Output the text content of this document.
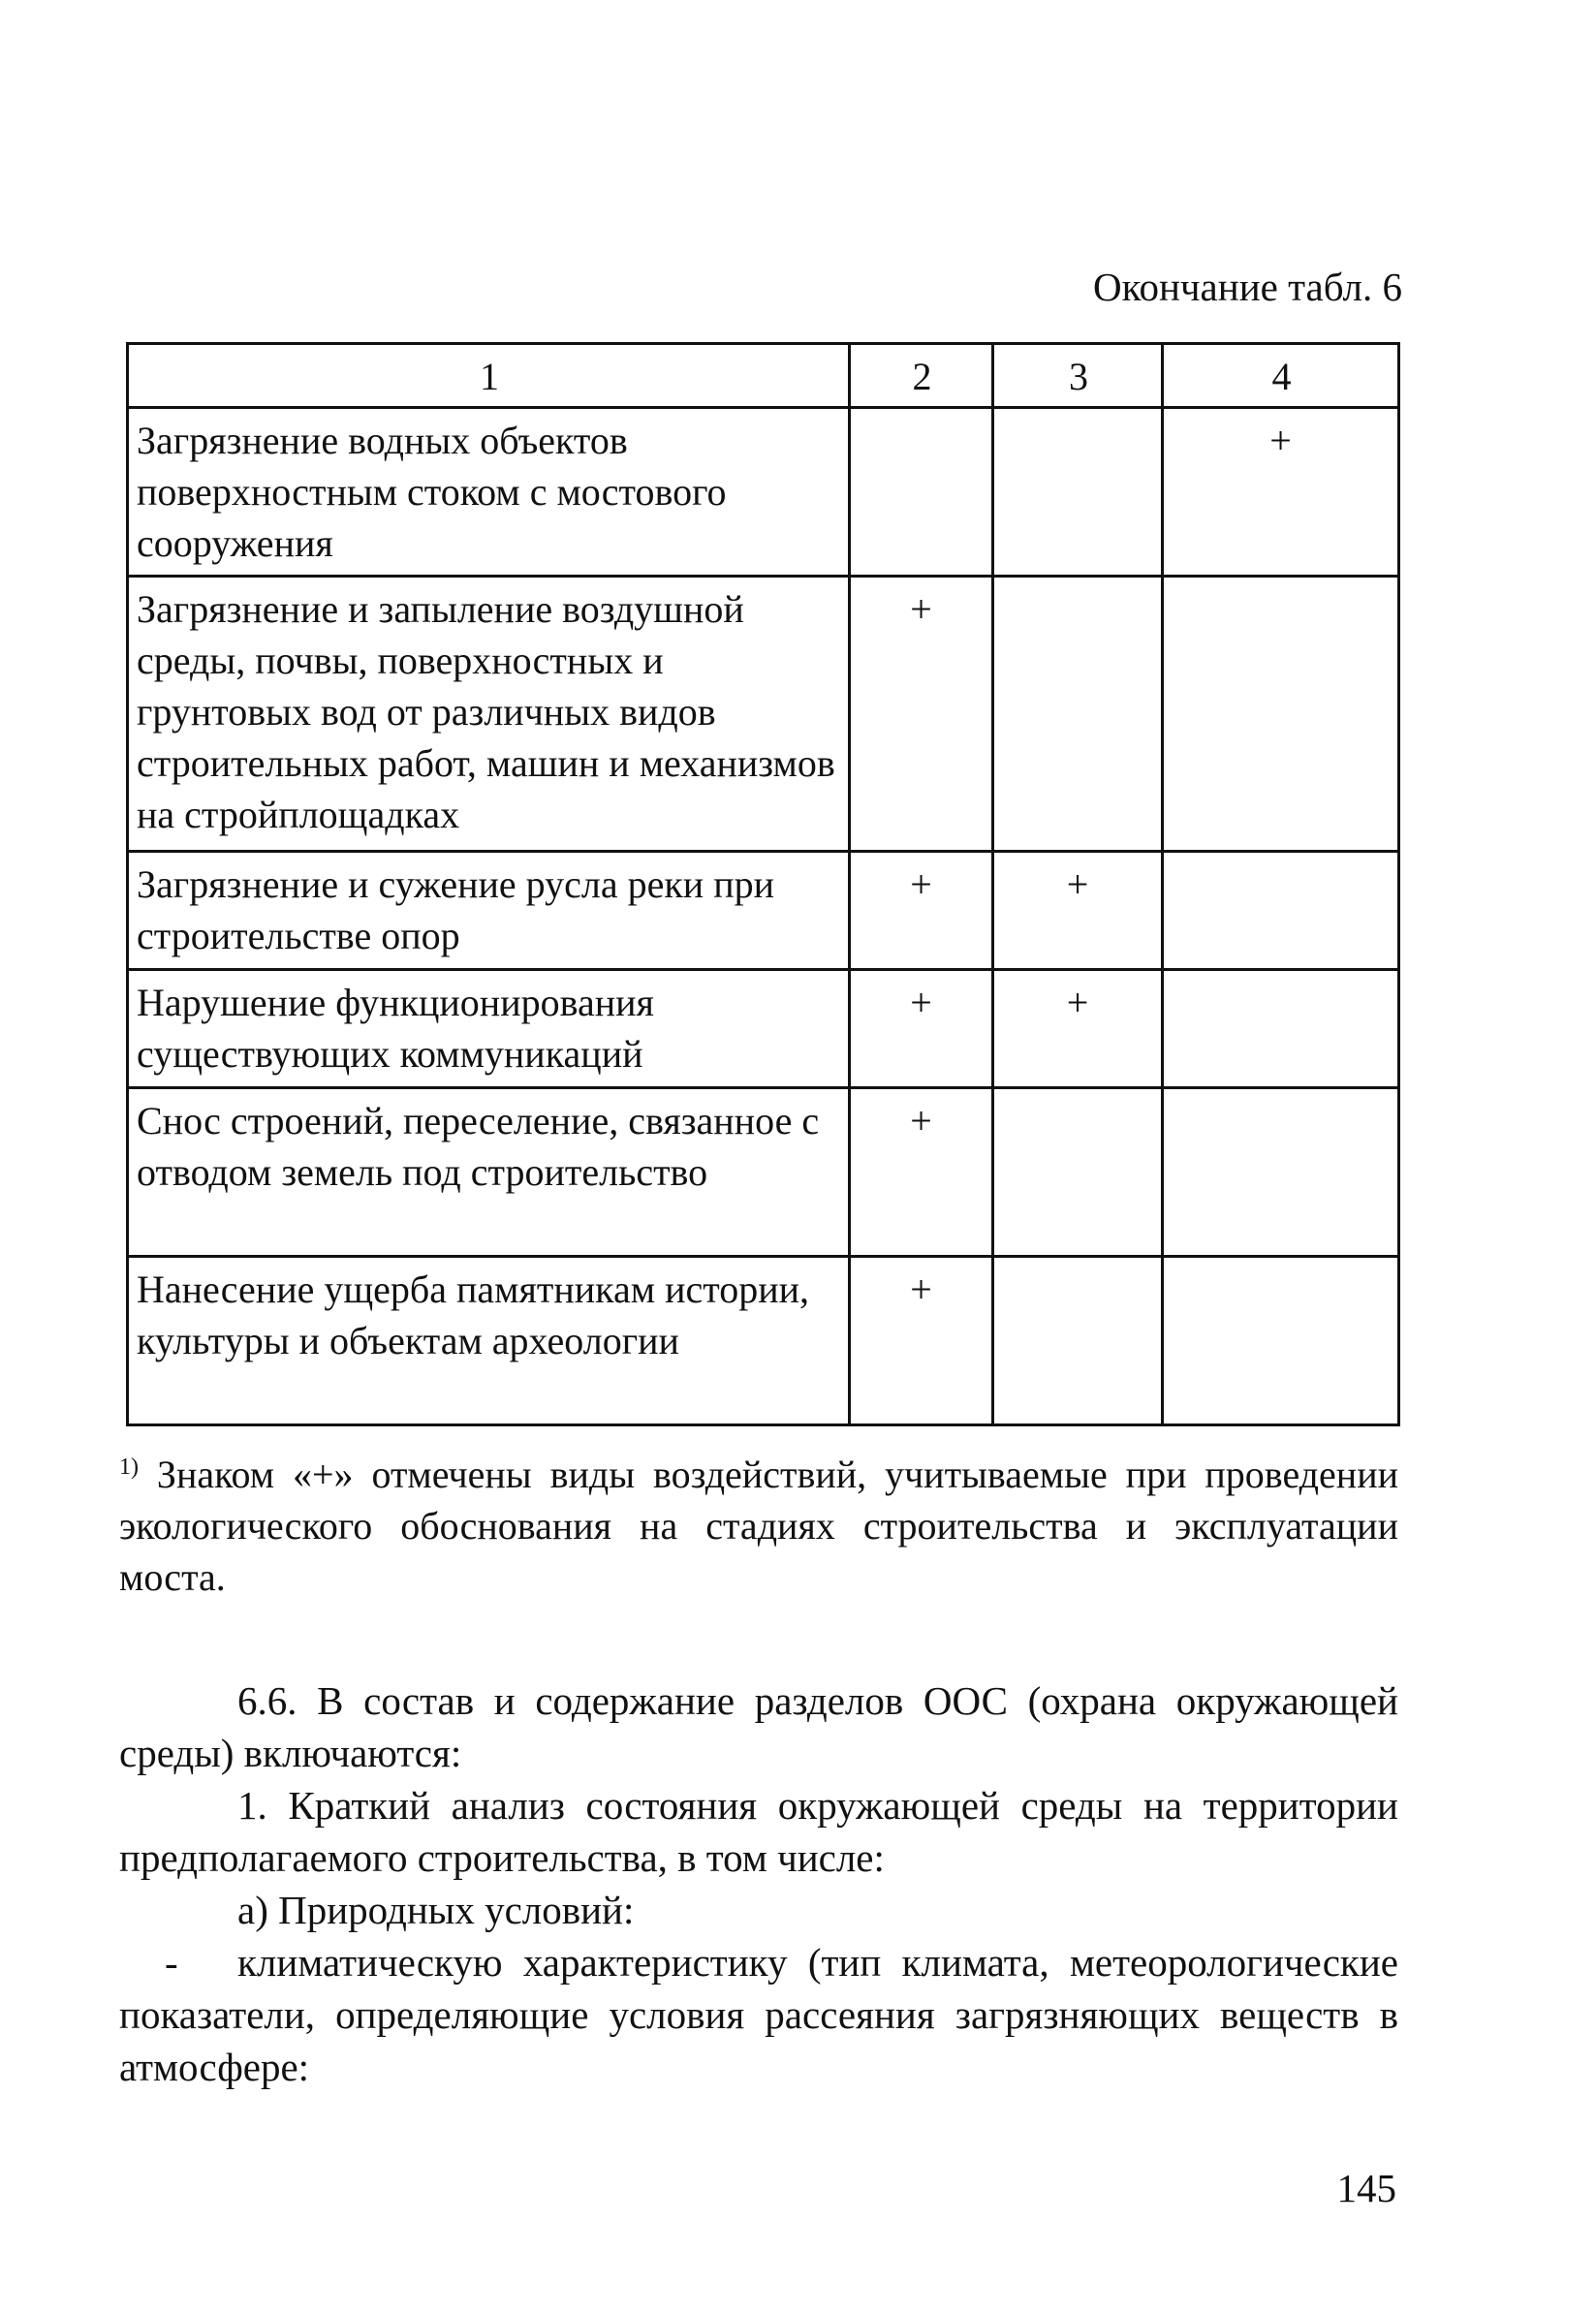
Окончание табл. 6
1	2	3	4
Загрязнение водных объектов поверхностным стоком с мостового сооружения			+
Загрязнение и запыление воздушной среды, почвы, поверхностных и грунтовых вод от различных видов строительных работ, машин и механизмов на стройплощадках	+		
Загрязнение и сужение русла реки при строительстве опор	+	+	
Нарушение функционирования существующих коммуникаций	+	+	
Снос строений, переселение, связанное с отводом земель под строительство	+		
Нанесение ущерба памятникам истории, культуры и объектам археологии	+		
$^{1)}$ Знаком «+» отмечены виды воздействий, учитываемые при проведении экологического обоснования на стадиях строительства и эксплуатации моста.

6.6. В состав и содержание разделов ООС (охрана окружающей среды) включаются:

1. Краткий анализ состояния окружающей среды на территории предполагаемого строительства, в том числе:

а) Природных условий:

- климатическую характеристику (тип климата, метеорологические показатели, определяющие условия рассеяния загрязняющих веществ в атмосфере:

145
